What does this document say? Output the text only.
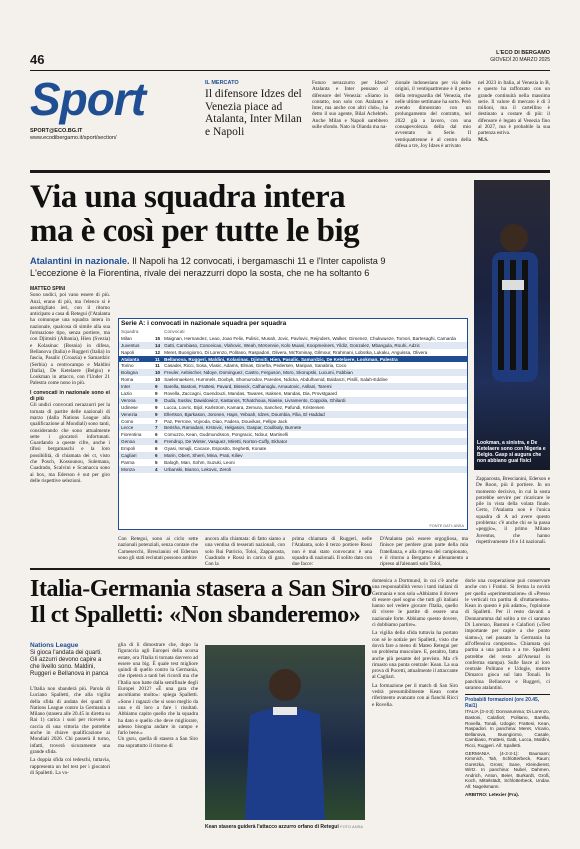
46	L'ECO DI BERGAMO
GIOVEDÌ 20 MARZO 2025
Sport
SPORT@ECO.BG.IT
www.ecodibergamo.it/sport/section/
IL MERCATO
Il difensore Idzes del Venezia piace ad Atalanta, Inter Milan e Napoli
Futuro nerazzurro per Idzes? Atalanta e Inter pensano al difensore del Venezia: «Siamo in contatto, non solo con Atalanta e Inter, ma anche con altri club», ha detto il suo agente, Bilal Achehteh. Anche Milan e Napoli sarebbero sulle sfondo. Nato in Olanda ma na-
zionale indonesiano per via delle origini, il ventiquattrenne è il perno della retroguardia del Venezia, che nelle ultime settimane ha sorto. Però avendo dimostrato con un prolungamento del contratto, nel 2022 già a lavoro, con una consapevolezza della dal mio avventato in Serie. Il ventiquattrenne è al centro della difesa a tre, Joy Idzes è arrivato
nel 2023 in Italia, al Venezia in B, e questo ha rafforzato con un grande continuità nella massima serie. Il valore di mercato è di 3 milioni, ma il cartellino è destinato a costare di più: il difensore è legato al Venezia fino al 2027, ma è probabile la sua partenza estiva.
M.S.
Via una squadra intera
ma è così per tutte le big
Atalantini in nazionale. Il Napoli ha 12 convocati, i bergamaschi 11 e l'Inter capolista 9
L'eccezione è la Fiorentina, rivale dei nerazzurri dopo la sosta, che ne ha soltanto 6
MATTEO SPINI
Sono undici, poi vano essere di più. Anzi, erano di più, ma l'elenco si è assottigliato ieri, con il ritorno anticipato a casa di Retegui (l'Atalanta ha comunque una squadra intera in nazionale, qualcosa di simile alla sua formazione tipo, senza portiere, ma con Djimsiti (Albania), Hien (Svezia) e Kolasinac (Bosnia) in difesa, Bellanova (Italia) e Ruggeri (Italia) in fascia, Pasalic (Croazia) e Samardzic (Serbia) a centrocampo e Maldini (Italia), De Ketelaere (Belgio) e Lookman in attacco, con l'Under 21 Palestra come nono in più.
I convocati in nazionale sono ei di più
Gli undici convocati nerazzurri per la tornata di partite delle nazionali di marzo (dalla Nations League alla qualificazione al Mondiali) sono tanti, considerando che sono attualmente sette i giocatori infortunati. Guardando a queste cifre, anche i tifosi bergamaschi e la loro possibilità, di chiamata dei ct, visto che Posch, Kossounou, Sulemana, Cuadrado, Scalvini e Scamacca sono ai box, ma Ederson è out per giro delle rispettive selezioni.
Serie A: i convocati in nazionale squadra per squadra
Squadra		Convocati
Milan	15	Maignan, Hernandez, Leao, Joao Felix, Pulisic, Musah, Jovic, Pavlovic, Reijnders, Walker, Gimenez, Chukwueze, Tomori, Bartesaghi, Camarda
Juventus	14	Gatti, Cambiaso, Conceicao, Vlahovic, Weah, McKennie, Kolo Muani, Koopmeiners, Yildiz, Gonzalez, Mbangula, Rouhi, Adzic
Napoli	12	Meret, Buongiorno, Di Lorenzo, Politano, Raspadori, Olivera, McTominay, Gilmour, Rrahmani, Lobotka, Lukaku, Anguissa, Olivera
Atalanta	11	Bellanova, Ruggeri, Maldini, Kolasinac, Djimsiti, Hien, Pasalic, Samardzic, De Ketelaere, Lookman, Palestra
Torino	11	Casadei, Ricci, Sosa, Vlasic, Adams, Elmas, Ginefra, Pedersen, Maripan, Sanabria, Coco
Bologna	10	Freuler, Aebischer, Ndoye, Dominguez, Castro, Ferguson, Moro, Skorupski, Lucumi, Fabbian
Roma	10	Saelemaekers, Hummels, Dovbyk, Shomurodov, Paredes, Ndicka, Abdulhamid, Baldanzi, Pisilli, Salah-Eddine
Inter	9	Barella, Bastoni, Frattesi, Pavard, Bisseck, Calhanoglu, Arnautovic, Asllani, Taremi
Lazio	9	Rovella, Zaccagni, Guendouzi, Mandas, Tavares, Isaksen, Mandas, Dia, Provstgaard
Verona	9	Duda, Suslov, Dawidowicz, Kastanos, Tchatchoua, Niasse, Livramento, Coppola, Ghilardi
Udinese	9	Lucca, Lovric, Bijol, Karlstrom, Kamara, Zemura, Sanchez, Pafundi, Kristensen
Venezia	9	Ellertson, Bjarkason, Joronen, Haps, Yeboah, Idzes, Doumbia, Filia, El Haddad
Como	7	Paz, Perrone, Vojvoda, Diao, Fadera, Douvikas, Fellipe Jack
Lecce	7	Berisha, Ramadani, Krstovic, Helgason, Gaspar, Coulibaly, Burnete
Fiorentina	6	Comuzzo, Kean, Gudmundsson, Pongracic, Ndour, Martinelli
Genoa	6	Frendrup, De Winter, Vasquez, Miretti, Norton-Cuffy, Ekhator
Empoli	6	Gyasi, Ismajli, Cacace, Esposito, Seghetti, Konate
Cagliari	6	Marin, Obert, Sherri, Mina, Prati, Kiliev
Parma	5	Balogh, Man, Sohm, Suzuki, Leoni
Monza	4	Urbanski, Bianco, Lekovic, Zeroli
FONTE DATI: ANSA
Con Retegui, sono ai ciclo sette nazionali potenziali, senza contare che Carnesecchi, Brescianini ed Ederson sono gli stati reclutati possono ambire
ancora alla chiamata: di fatto siamo a una ventina di tesserati nazionali, con solo Rui Patricio, Toloi, Zappacosta, Cuadrado e Rossi in carica di gara. Con la
prima chiamata di Ruggeri, nelle l'Atalanta, solo il terzo portiere Rossi non è mai stato convocato: è una squadra di nazionali. Il solito dato con due facce:
D'Atalanta può essere orgogliosa, ma finisce per perdere gran parte della mia fratellanza, e alla ripresa del campionato, e il ritorno a Bergamo e allenamento a ripreso all'alenanti solo Toloi,
Lookman, a sinistra, e De Ketelaere sono con Nigeria e Belgio. Gasp si augura che non abbiano guai fisici
Zappacosta, Brescianini, Ederson e De Roon, più il portiere. In un momento decisivo, in cui la sosta potrebbe servire per ricaricare le pile in vista della volata finale. Certo, l'Atalanta non è l'unica squadra di A ad avere questo problema: c'è anche chi se la passa «peggio», il primo Milano Juventus, che hanno rispettivamente 16 e 14 nazionali.
Italia-Germania stasera a San Siro
Il ct Spalletti: «Non sbanderemo»
Nations League
Si gioca l'andata dei quarti. Gli azzurri devono capire a che livello sono. Maldini, Ruggeri e Bellanova in panca
L'Italia non sbanderà più. Parola di Luciano Spalletti, che alla vigilia della sfida di andata dei quarti di Nations League contro la Germania a Milano (stasera alle 20.45 in diretta su Rai 1) carica i suoi per ricevere a caccia di una vittoria che potrebbe anche in chiave qualificazione ai Mondiali 2026. Chi passerà il turno, infatti, troverà sicuramente una grande sfida.
La doppia sfida coi tedeschi, tuttavia, rappresenta un bel test per i giocatori di Spalletti. La vo-
glia di li dimostrare che, dopo la figuraccia agli Europei della scorsa estate, ora l'Italia ti tornata davvero ad essere una big. È quale test migliore quindi di quello contro la Germania, che ripeterà a tanti bei ricordi ma che l'Italia non batte dalla semifinale degli Europei 2012? «È una gara che ascoltiamo molto»: spiega Spalletti. «Sono i ragazzi che si sono meglio da una e di loro a fare i risultati. Abbiamo capito quello che la squadra ha dato e quello che deve migliorare, adesso bisogna andare in campo e farlo bene.»
Un guru, quella di stasera a San Siro ma soprattutto il ritorno di
Kean stasera guiderà l'attacco azzurro orfano di Retegui FOTO ANSA
domenica a Dortmund, in cui c'è anche una responsabilità verso i tanti italiani di Germania e non sola «Abbiamo il dovere di essere quel sogno che tutti gli italiani hanno nel vedere giocare l'Italia, quello di vivere le partite di essere una nazionale forte. Abbiamo questo dovere, ci dobbiamo partire».
La vigilia della sfida tuttavia ha portato con sé le notizie per Spalletti, visto che dovrà fare a meno di Mateo Retegui per un problema muscolare. E, peraltro, fatta anche più pesante del previsto. Ma c'è rimasto una punta centrale: Kean. La sua prova di Pucetti, attualmente il attaccante al Cagliari.
La formazione per il match di San Siro vedrà presumibilmente Kean come riferimento avanzato con ai fianchi Ricci e Rovella.
dorie una cooperazione può conservare anche con i Fratini. Si ferma la novità per quella «sperimentazione» di «Presso le verticali tra partita di sfruttamento». Kean in questo è più adatto», l'opinione di Spalletti. Per il resto davanti a Donnarumma dal solito a tre ci saranno Di Lorenzo, Bastoni e Calafiori («Test importante per capire a che punto siamo»), nel passato la Germania ha all'offensiva composto». Chiamata qui partita a una partita o a tre. Spalletti potrebbe del resto all'Arsenal in conferma stampa). Sulle fasce al loro centrale Politano e Udogie, mentre Dimarco gioca sul lato Tonali. In panchina Bellanova e Ruggeri, ci saranno atalantini.
Probabili formazioni (ore 20.45, Rai1)
ITALIA (3-4-3): Donnarumma; Di Lorenzo, Bastoni, Calafiori; Politano, Barella, Rovella, Tonali, Udogie; Frattesi, Kean, Raspadori. In panchina: Meret, Vicario, Bellanova, Buongiorno, Casale, Cambiaso, Frattesi, Gatti, Lucca, Maldini, Ricci, Ruggeri. All: Spalletti.
GERMANIA (4-2-3-1): Baumann; Kimmich, Tah, Schlotterbeck, Raum; Goretzka, Gross; Sane, Kleindienst, Wirtz. In panchina: Nubel, Dahmen, Andrich, Anton, Beier, Burkardt, Groß, Koch, Mittelstädt, Schlotterbeck, Undav. All: Nagelsmann.
ARBITRO: Letexier (Fra).
